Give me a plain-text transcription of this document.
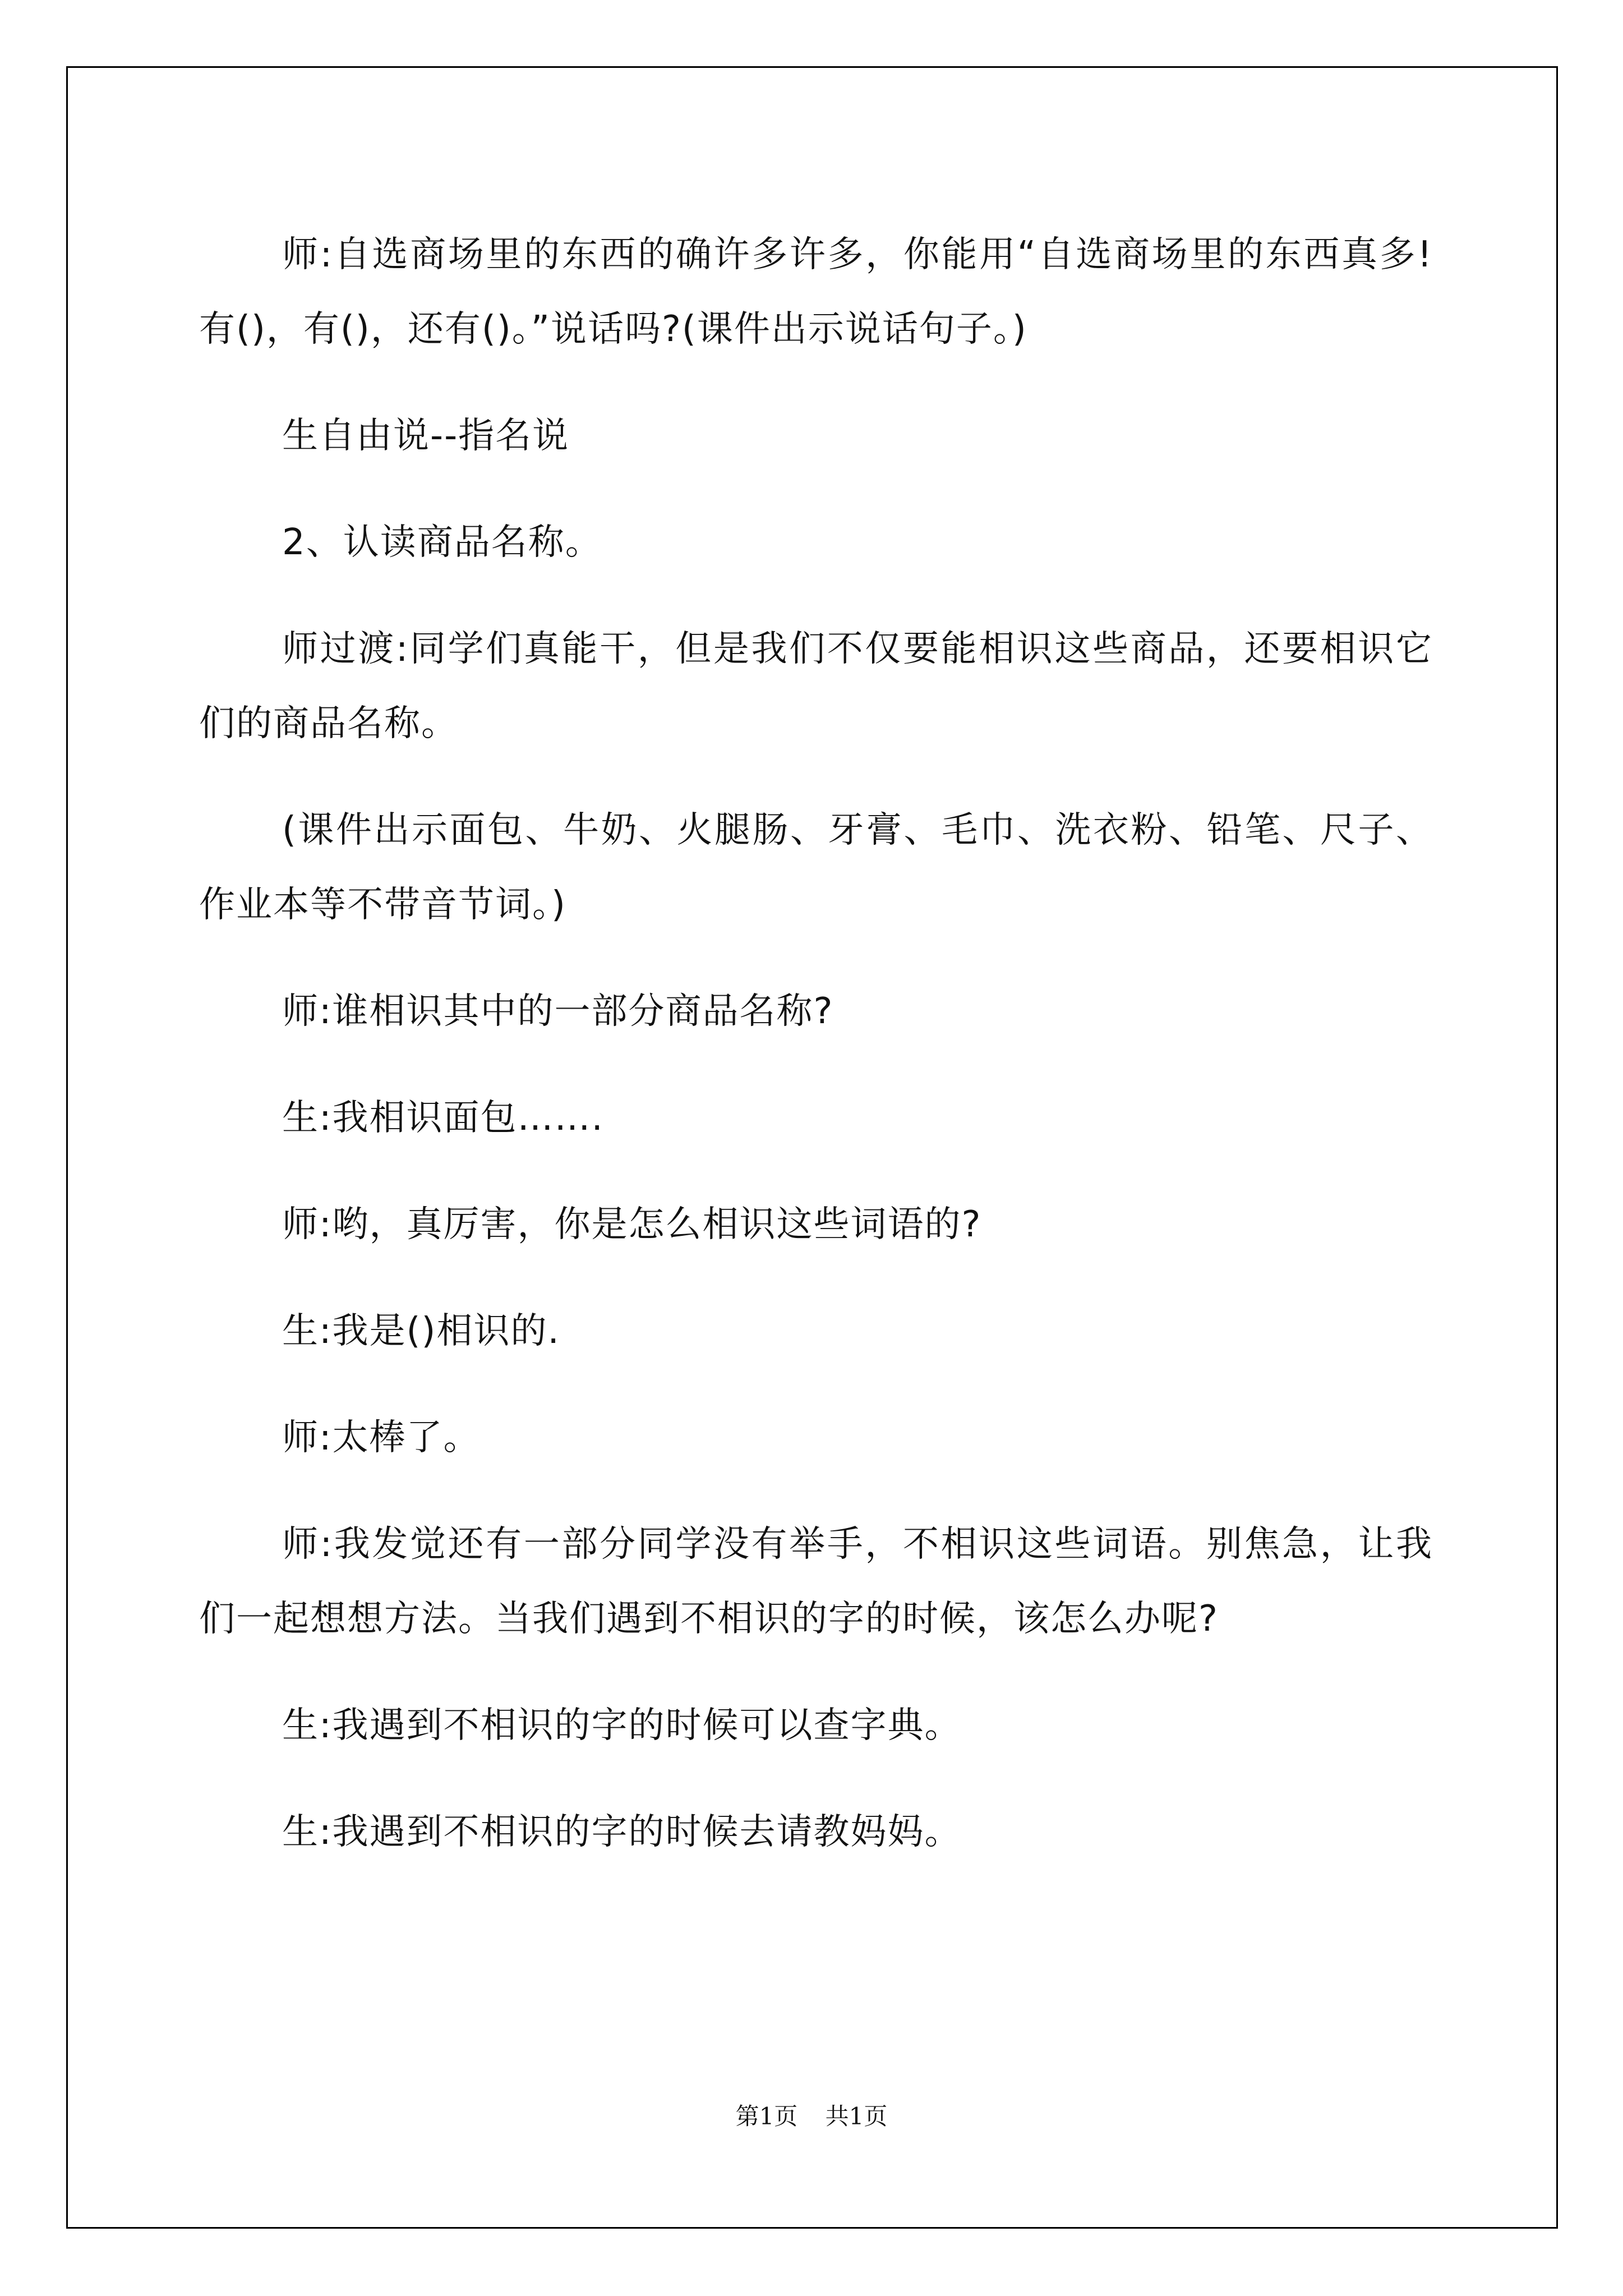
师:自选商场里的东西的确许多许多，你能用“自选商场里的东西真多!有()，有()，还有()。”说话吗?(课件出示说话句子。)

生自由说--指名说

2、认读商品名称。

师过渡:同学们真能干，但是我们不仅要能相识这些商品，还要相识它们的商品名称。

(课件出示面包、牛奶、火腿肠、牙膏、毛巾、洗衣粉、铅笔、尺子、作业本等不带音节词。)

师:谁相识其中的一部分商品名称?

生:我相识面包…….

师:哟，真厉害，你是怎么相识这些词语的?

生:我是()相识的.

师:太棒了。

师:我发觉还有一部分同学没有举手，不相识这些词语。别焦急，让我们一起想想方法。当我们遇到不相识的字的时候，该怎么办呢?

生:我遇到不相识的字的时候可以查字典。

生:我遇到不相识的字的时候去请教妈妈。

第1页 共1页
